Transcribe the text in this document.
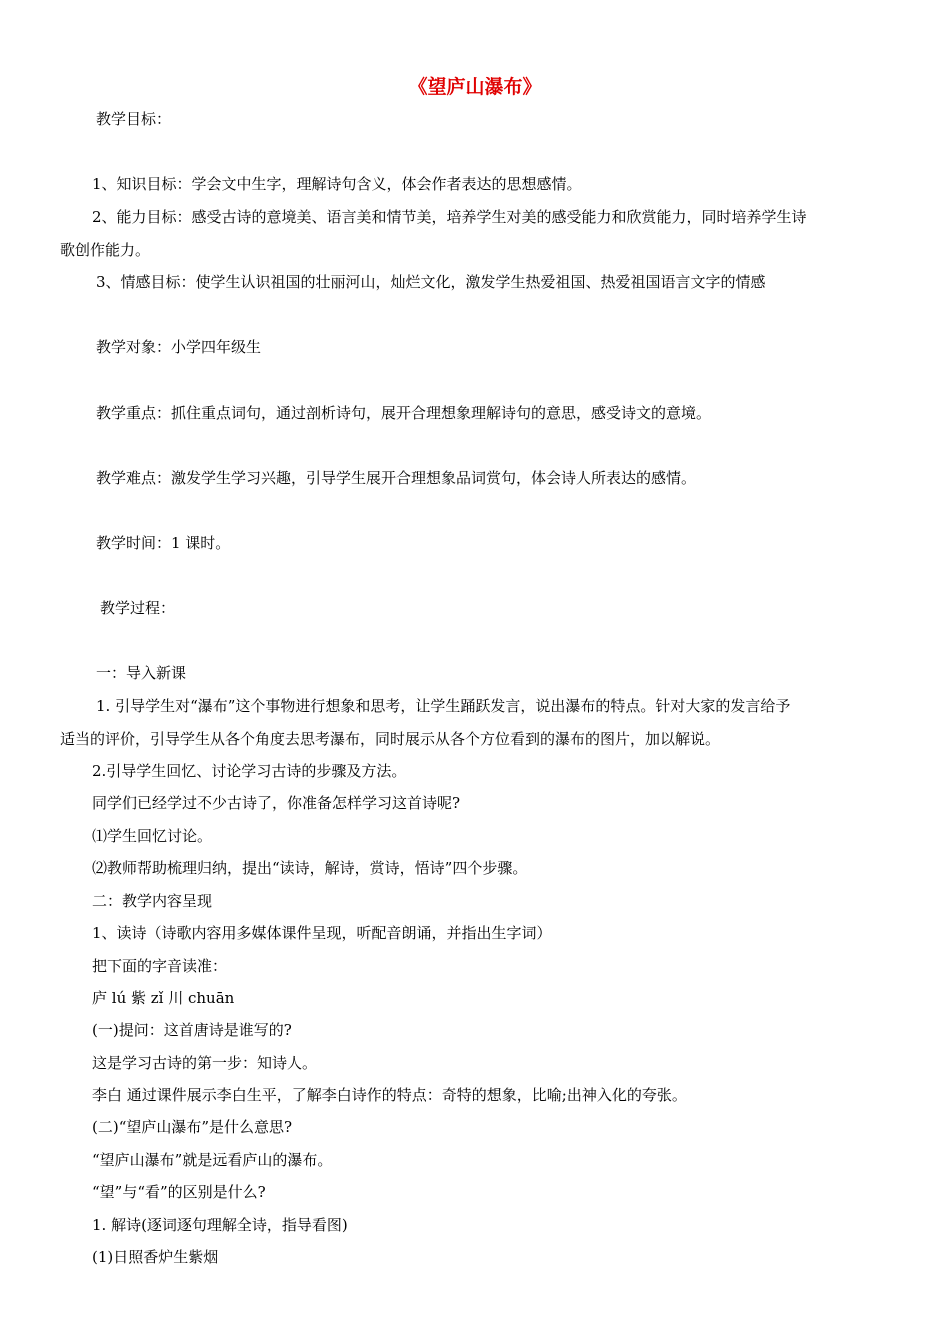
《望庐山瀑布》
教学目标：
1、知识目标：学会文中生字，理解诗句含义，体会作者表达的思想感情。
2、能力目标：感受古诗的意境美、语言美和情节美，培养学生对美的感受能力和欣赏能力，同时培养学生诗
歌创作能力。
3、情感目标：使学生认识祖国的壮丽河山，灿烂文化，激发学生热爱祖国、热爱祖国语言文字的情感
教学对象：小学四年级生
教学重点：抓住重点词句，通过剖析诗句，展开合理想象理解诗句的意思，感受诗文的意境。
教学难点：激发学生学习兴趣，引导学生展开合理想象品词赏句，体会诗人所表达的感情。
教学时间：1 课时。
教学过程：
一：导入新课
1. 引导学生对“瀑布”这个事物进行想象和思考，让学生踊跃发言，说出瀑布的特点。针对大家的发言给予
适当的评价，引导学生从各个角度去思考瀑布，同时展示从各个方位看到的瀑布的图片，加以解说。
2.引导学生回忆、讨论学习古诗的步骤及方法。
同学们已经学过不少古诗了，你准备怎样学习这首诗呢?
⑴学生回忆讨论。
⑵教师帮助梳理归纳，提出“读诗，解诗，赏诗，悟诗”四个步骤。
二：教学内容呈现
1、读诗（诗歌内容用多媒体课件呈现，听配音朗诵，并指出生字词）
把下面的字音读准：
庐 lú 紫 zǐ 川 chuān
(一)提问：这首唐诗是谁写的?
这是学习古诗的第一步：知诗人。
李白 通过课件展示李白生平，了解李白诗作的特点：奇特的想象，比喻;出神入化的夸张。
(二)“望庐山瀑布”是什么意思?
“望庐山瀑布”就是远看庐山的瀑布。
“望”与“看”的区别是什么?
1. 解诗(逐词逐句理解全诗，指导看图)
(1)日照香炉生紫烟
